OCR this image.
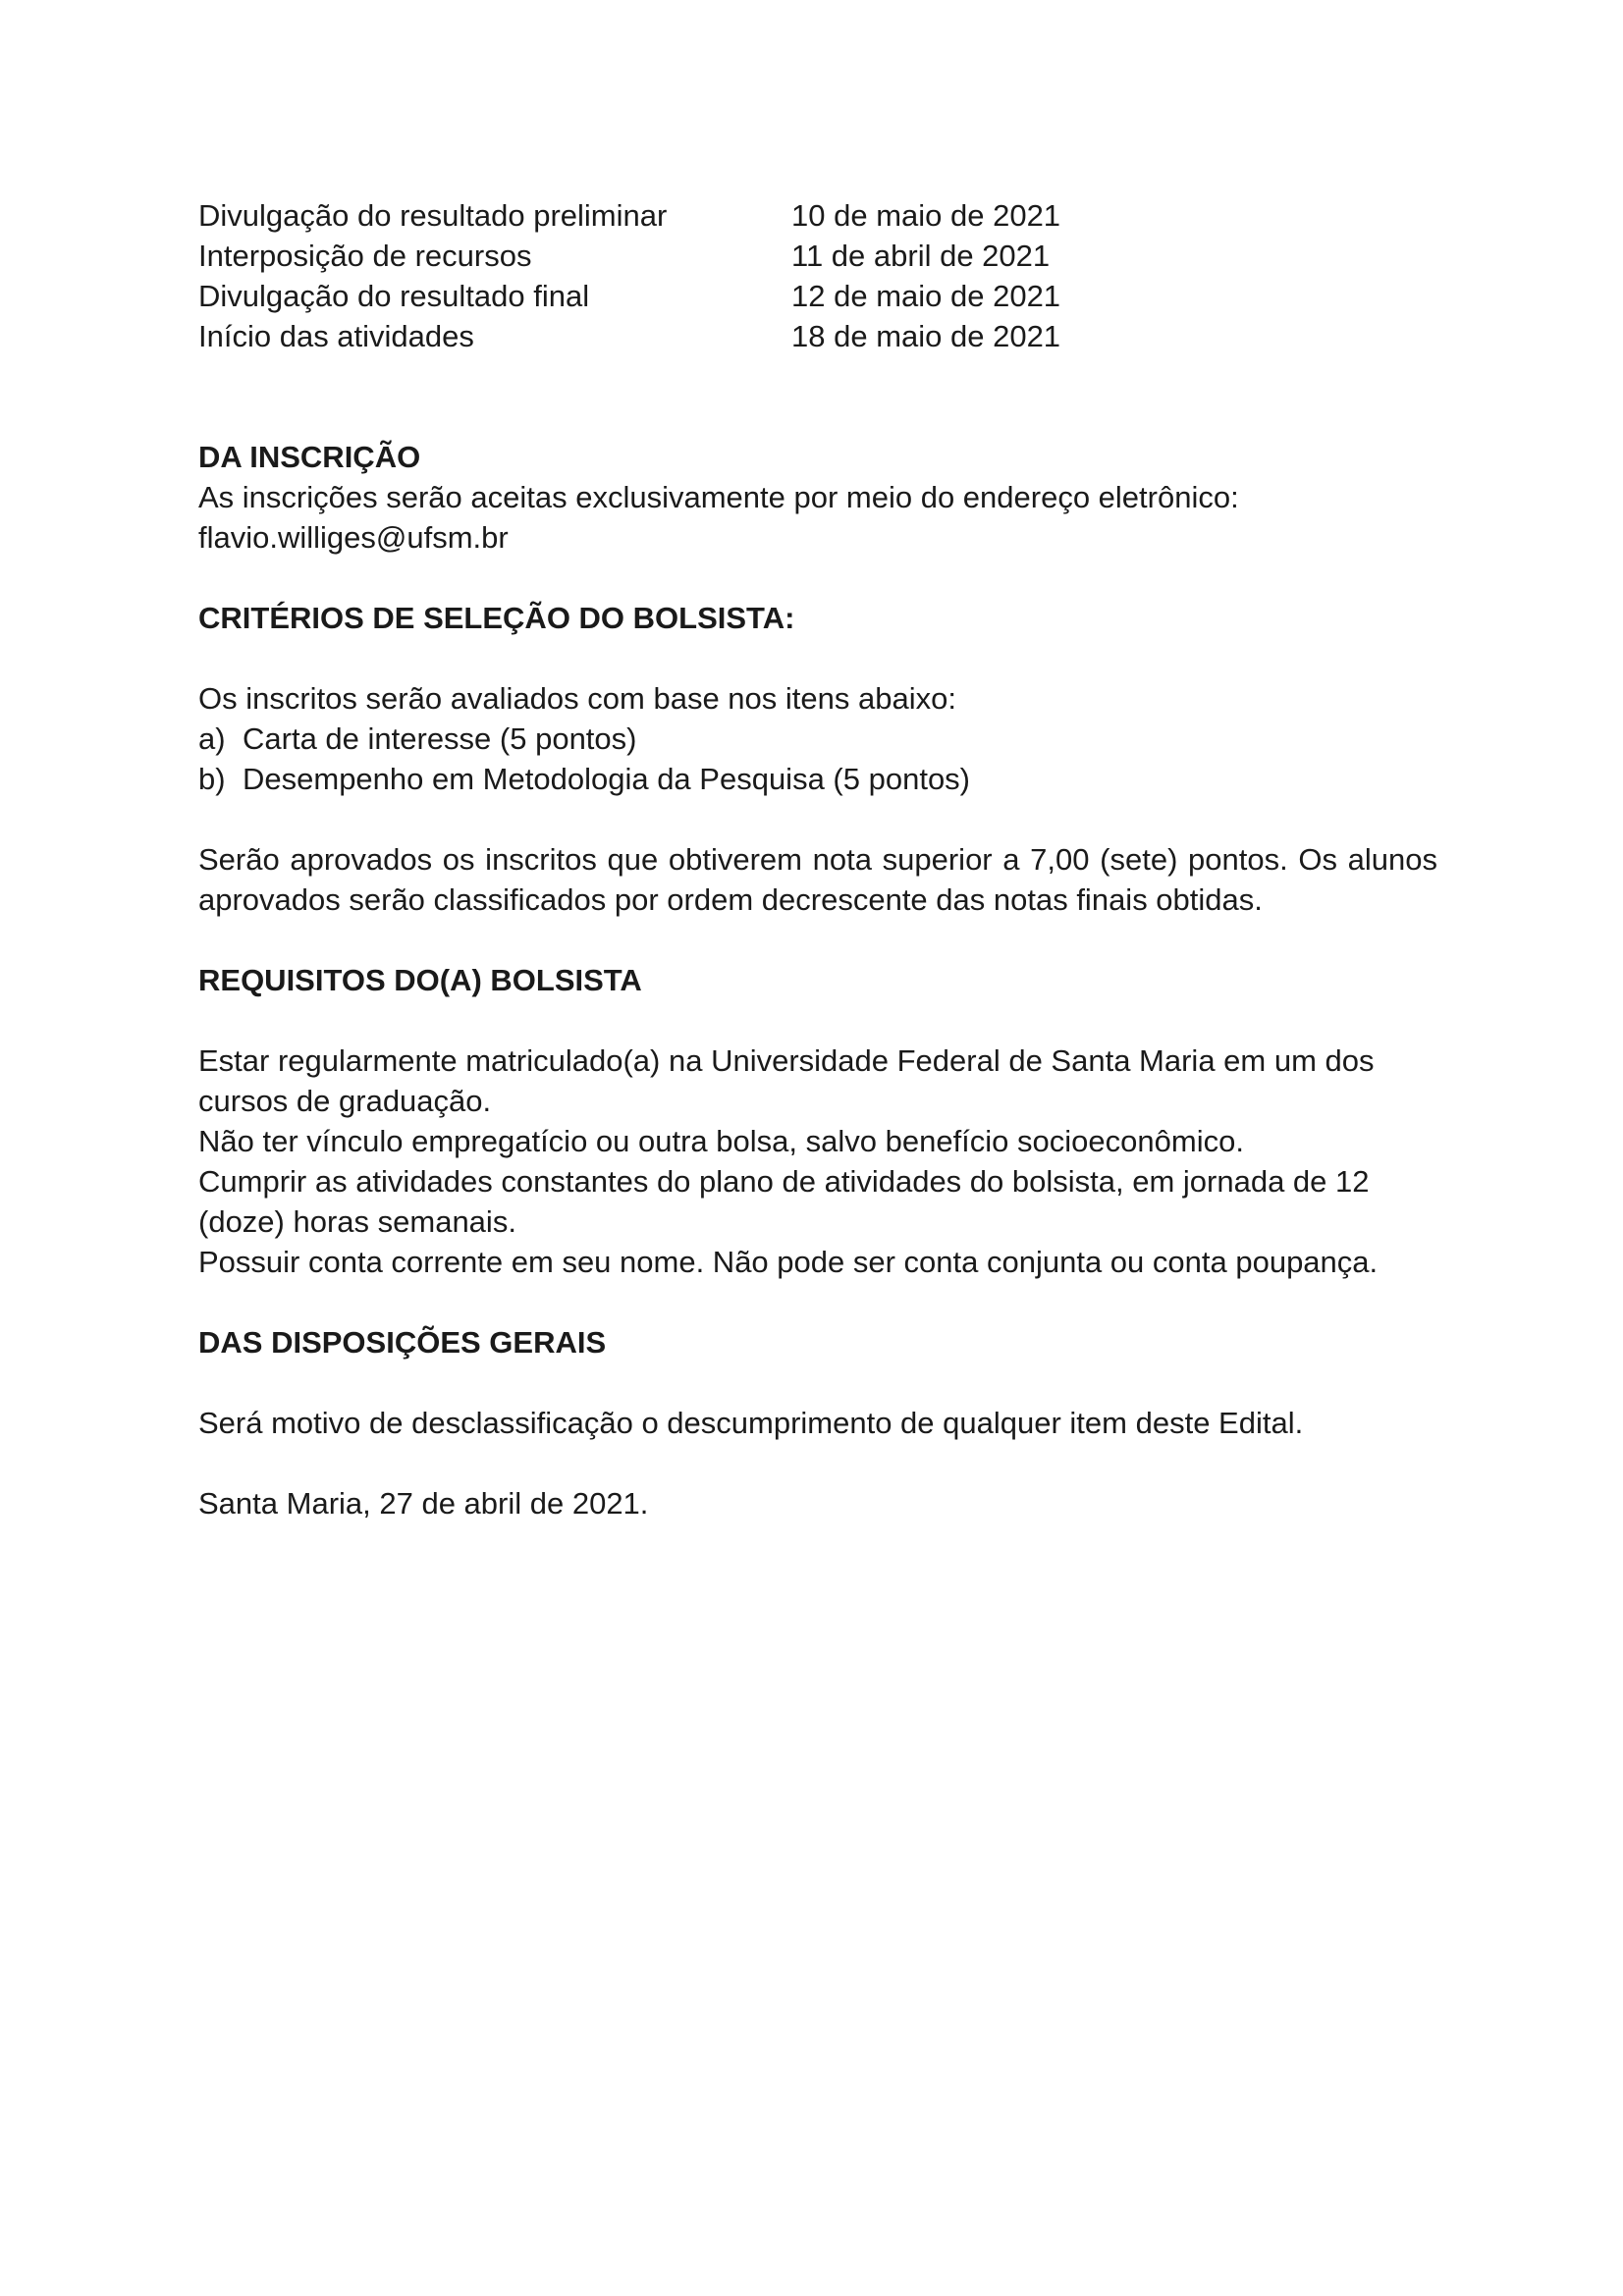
Divulgação do resultado preliminar	10 de maio de 2021
Interposição de recursos	11 de abril de 2021
Divulgação do resultado final	12 de maio de 2021
Início das atividades	18 de maio de 2021

DA INSCRIÇÃO

As inscrições serão aceitas exclusivamente por meio do endereço eletrônico:

flavio.williges@ufsm.br

CRITÉRIOS DE SELEÇÃO DO BOLSISTA:

Os inscritos serão avaliados com base nos itens abaixo:

a) Carta de interesse (5 pontos)
b) Desempenho em Metodologia da Pesquisa (5 pontos)

Serão aprovados os inscritos que obtiverem nota superior a 7,00 (sete) pontos. Os alunos aprovados serão classificados por ordem decrescente das notas finais obtidas.

REQUISITOS DO(A) BOLSISTA

Estar regularmente matriculado(a) na Universidade Federal de Santa Maria em um dos cursos de graduação.

Não ter vínculo empregatício ou outra bolsa, salvo benefício socioeconômico.

Cumprir as atividades constantes do plano de atividades do bolsista, em jornada de 12 (doze) horas semanais.

Possuir conta corrente em seu nome. Não pode ser conta conjunta ou conta poupança.

DAS DISPOSIÇÕES GERAIS

Será motivo de desclassificação o descumprimento de qualquer item deste Edital.

Santa Maria, 27 de abril de 2021.
